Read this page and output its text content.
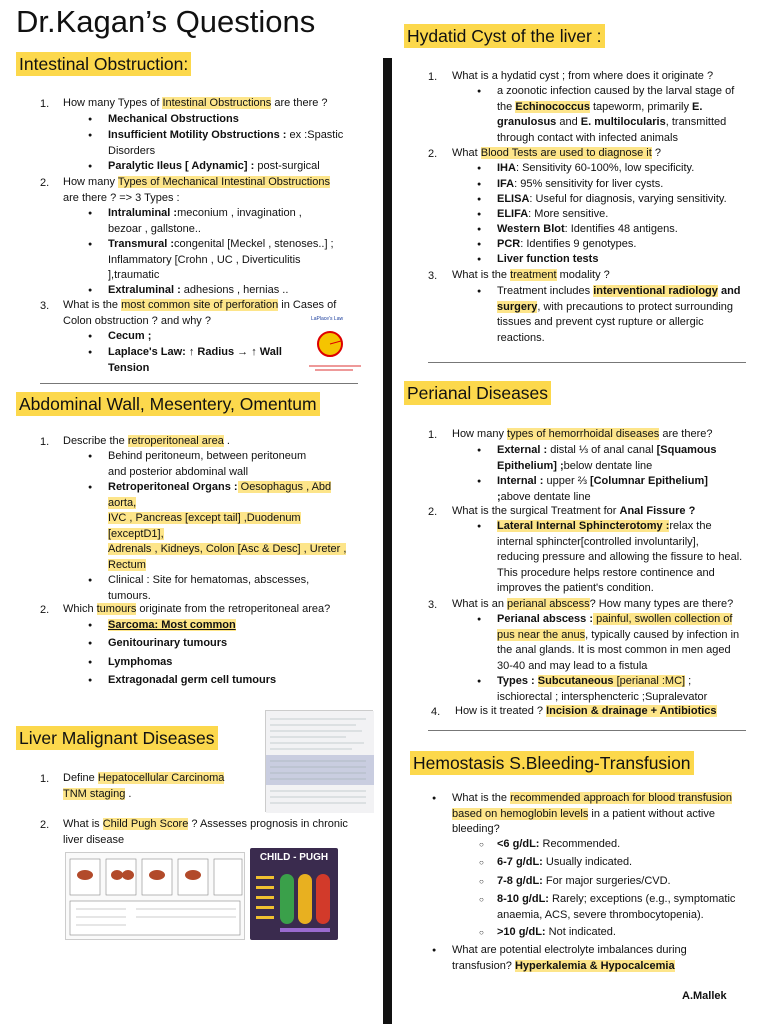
Dr.Kagan’s Questions
Intestinal Obstruction:
1. How many Types of Intestinal Obstructions are there ?
● Mechanical Obstructions
● Insufficient Motility Obstructions : ex :Spastic
Disorders
● Paralytic Ileus [ Adynamic] : post-surgical
2. How many Types of Mechanical Intestinal Obstructions
are there ? => 3 Types :
● Intraluminal :meconium , invagination ,
bezoar , gallstone..
● Transmural :congenital [Meckel , stenoses..] ;
Inflammatory [Crohn , UC , Diverticulitis
],traumatic
● Extraluminal : adhesions , hernias ..
3. What is the most common site of perforation in Cases of
Colon obstruction ? and why ?
● Cecum ;
● Laplace's Law: ↑ Radius → ↑ Wall
Tension
LaPlace's Law
Abdominal Wall, Mesentery, Omentum
1. Describe the retroperitoneal area .
● Behind peritoneum, between peritoneum
and posterior abdominal wall
● Retroperitoneal Organs : Oesophagus , Abd
aorta,
IVC , Pancreas [except tail] ,Duodenum
[exceptD1],
Adrenals , Kidneys, Colon [Asc & Desc] , Ureter ,
Rectum
● Clinical : Site for hematomas, abscesses,
tumours.
2. Which tumours originate from the retroperitoneal area?
● Sarcoma: Most common
● Genitourinary tumours
● Lymphomas
● Extragonadal germ cell tumours
Liver Malignant Diseases
1. Define Hepatocellular Carcinoma
TNM staging .
2. What is Child Pugh Score ? Assesses prognosis in chronic
liver disease
CHILD - PUGH
Hydatid Cyst of the liver :
1. What is a hydatid cyst ; from where does it originate ?
● a zoonotic infection caused by the larval stage of
the Echinococcus tapeworm, primarily E.
granulosus and E. multilocularis, transmitted
through contact with infected animals
2. What Blood Tests are used to diagnose it ?
● IHA: Sensitivity 60-100%, low specificity.
● IFA: 95% sensitivity for liver cysts.
● ELISA: Useful for diagnosis, varying sensitivity.
● ELIFA: More sensitive.
● Western Blot: Identifies 48 antigens.
● PCR: Identifies 9 genotypes.
● Liver function tests
3. What is the treatment modality ?
● Treatment includes interventional radiology and
surgery, with precautions to protect surrounding
tissues and prevent cyst rupture or allergic
reactions.
Perianal Diseases
1. How many types of hemorrhoidal diseases are there?
● External : distal ⅓ of anal canal [Squamous
Epithelium] ;below dentate line
● Internal : upper ⅔ [Columnar Epithelium]
;above dentate line
2. What is the surgical Treatment for Anal Fissure ?
● Lateral Internal Sphincterotomy :relax the
internal sphincter[controlled involuntarily],
reducing pressure and allowing the fissure to heal.
This procedure helps restore continence and
improves the patient's condition.
3. What is an perianal abscess? How many types are there?
● Perianal abscess : painful, swollen collection of
pus near the anus, typically caused by infection in
the anal glands. It is most common in men aged
30-40 and may lead to a fistula
● Types : Subcutaneous [perianal :MC] ;
ischiorectal ; intersphencteric ;Supralevator
4. How is it treated ? Incision & drainage + Antibiotics
Hemostasis S.Bleeding-Transfusion
● What is the recommended approach for blood transfusion
based on hemoglobin levels in a patient without active
bleeding?
○ <6 g/dL: Recommended.
○ 6-7 g/dL: Usually indicated.
○ 7-8 g/dL: For major surgeries/CVD.
○ 8-10 g/dL: Rarely; exceptions (e.g., symptomatic
anaemia, ACS, severe thrombocytopenia).
○ >10 g/dL: Not indicated.
● What are potential electrolyte imbalances during
transfusion? Hyperkalemia & Hypocalcemia
A.Mallek
